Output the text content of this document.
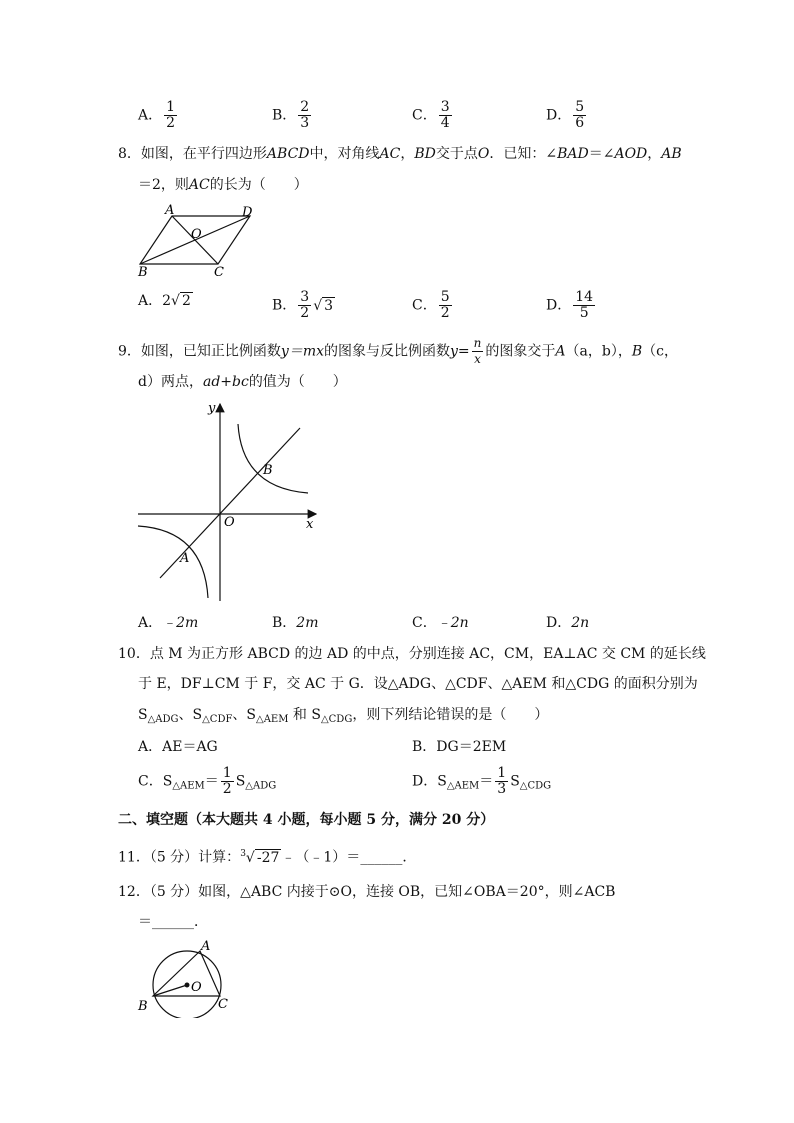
A． $\frac{1}{2}$	B． $\frac{2}{3}$	C． $\frac{3}{4}$	D． $\frac{5}{6}$
8．如图，在平行四边形ABCD中，对角线AC，BD交于点O．已知：∠BAD＝∠AOD，AB
＝2，则AC的长为（　　）
A	D
O
B	C
A．2√ 2	B． $\frac{3}{2}$ √ 3	C． $\frac{5}{2}$	D． $\frac{14}{5}$
9．如图，已知正比例函数y＝mx的图象与反比例函数$y= \frac{n}{x}$ 的图象交于A（a，b），B（c，
d）两点，ad+bc的值为（　　）
y
x
O
A
B
A．﹣2m	B．2m	C．﹣2n	D．2n
10．点 M 为正方形 ABCD 的边 AD 的中点，分别连接 AC，CM，EA⊥AC 交 CM 的延长线
于 E，DF⊥CM 于 F，交 AC 于 G．设△ADG、△CDF、△AEM 和△CDG 的面积分别为
$S_{\triangle ADG}$、$S_{\triangle CDF}$、$S_{\triangle AEM}$ 和 $S_{\triangle CDG}$，则下列结论错误的是（　　）
A．AE＝AG	B．DG＝2EM
C．$S_{\triangle AEM}= \frac{1}{2} S_{\triangle ADG}$	D．$S_{\triangle AEM}= \frac{1}{3} S_{\triangle CDG}$
二、填空题（本大题共 4 小题，每小题 5 分，满分 20 分）
11．（5 分）计算：$^3$√ -27 ﹣（﹣1）＝______．
12．（5 分）如图，△ABC 内接于⊙O，连接 OB，已知∠OBA＝20°，则∠ACB
＝______．
A
B	C
O
